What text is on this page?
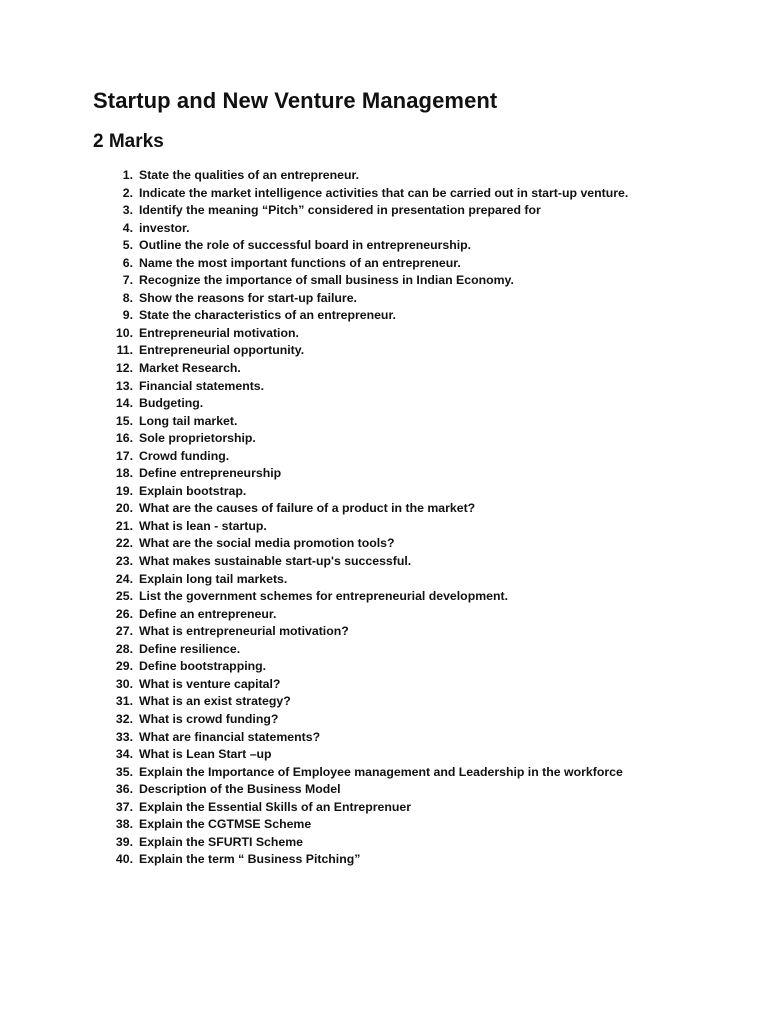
Startup and New Venture Management
2 Marks
1. State the qualities of an entrepreneur.
2. Indicate the market intelligence activities that can be carried out in start-up venture.
3. Identify the meaning “Pitch” considered in presentation prepared for
4. investor.
5. Outline the role of successful board in entrepreneurship.
6. Name the most important functions of an entrepreneur.
7. Recognize the importance of small business in Indian Economy.
8. Show the reasons for start-up failure.
9. State the characteristics of an entrepreneur.
10. Entrepreneurial motivation.
11. Entrepreneurial opportunity.
12. Market Research.
13. Financial statements.
14. Budgeting.
15. Long tail market.
16. Sole proprietorship.
17. Crowd funding.
18. Define entrepreneurship
19. Explain bootstrap.
20. What are the causes of failure of a product in the market?
21. What is lean - startup.
22. What are the social media promotion tools?
23. What makes sustainable start-up's successful.
24. Explain long tail markets.
25. List the government schemes for entrepreneurial development.
26. Define an entrepreneur.
27. What is entrepreneurial motivation?
28. Define resilience.
29. Define bootstrapping.
30. What is venture capital?
31. What is an exist strategy?
32. What is crowd funding?
33. What are financial statements?
34. What is Lean Start –up
35. Explain the Importance of Employee management and Leadership in the workforce
36. Description of the Business Model
37. Explain the Essential Skills of an Entreprenuer
38. Explain the CGTMSE Scheme
39. Explain the SFURTI Scheme
40. Explain the term “ Business Pitching”
